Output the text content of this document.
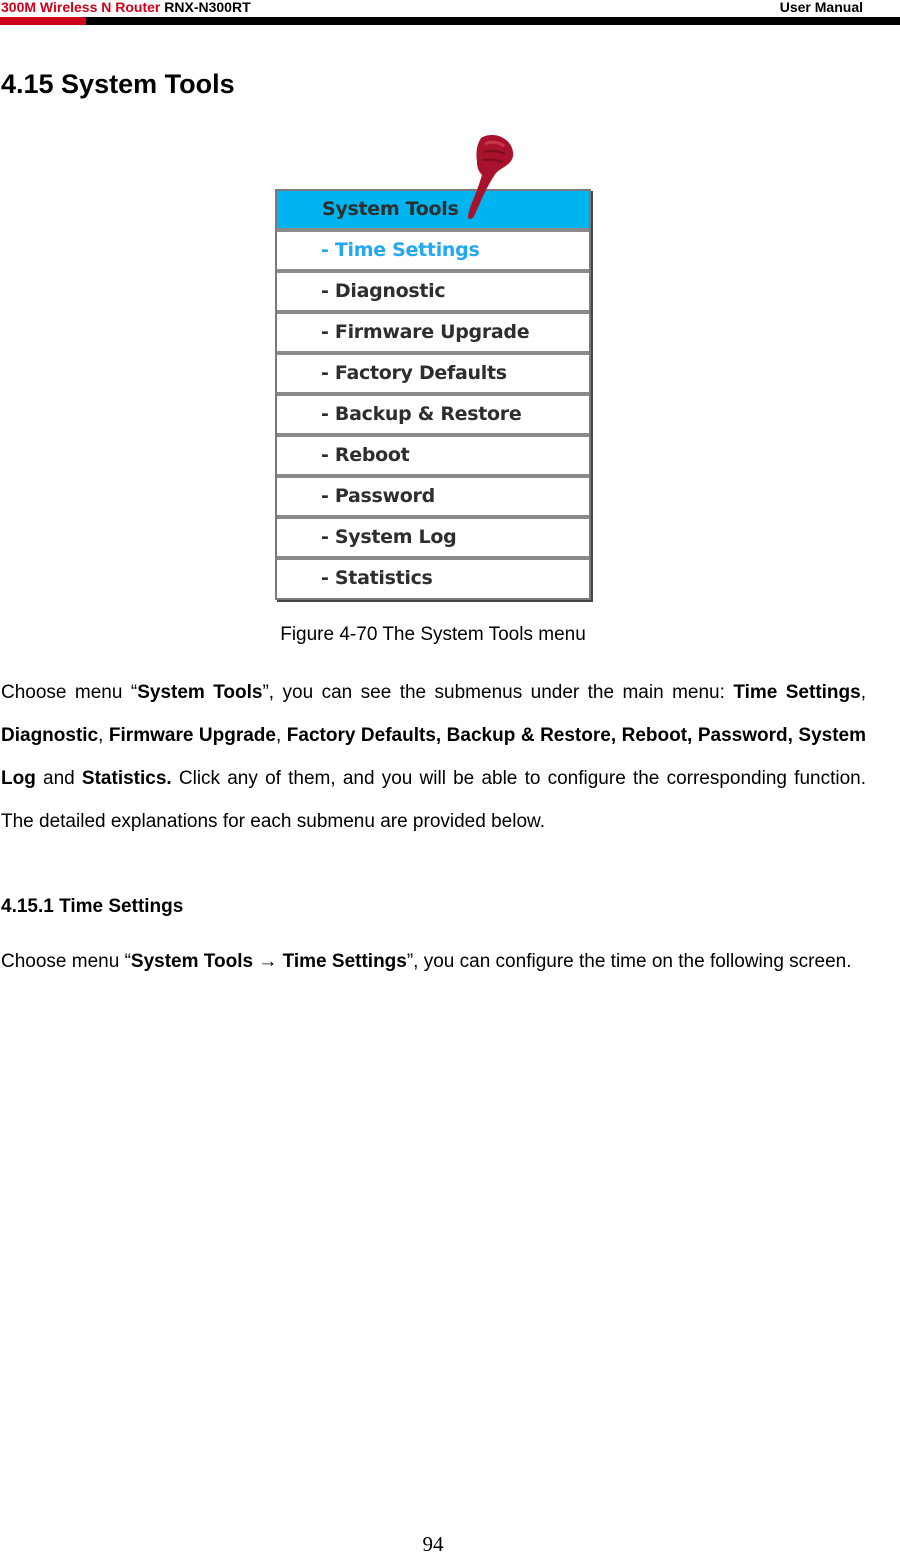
300M Wireless N Router RNX-N300RT	User Manual
4.15 System Tools
System Tools
- Time Settings
- Diagnostic
- Firmware Upgrade
- Factory Defaults
- Backup & Restore
- Reboot
- Password
- System Log
- Statistics
Figure 4-70 The System Tools menu

Choose menu “System Tools”, you can see the submenus under the main menu: Time Settings, Diagnostic, Firmware Upgrade, Factory Defaults, Backup & Restore, Reboot, Password, System Log and Statistics. Click any of them, and you will be able to configure the corresponding function. The detailed explanations for each submenu are provided below.

4.15.1 Time Settings

Choose menu “System Tools → Time Settings”, you can configure the time on the following screen.

94
